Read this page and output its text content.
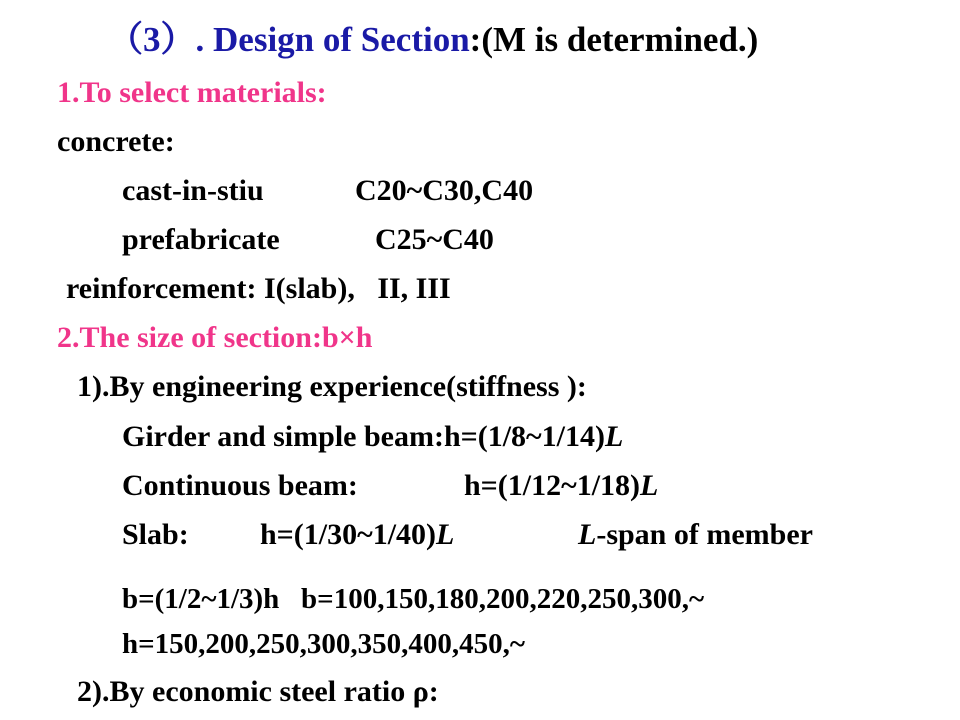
（3）. Design of Section:(M is determined.)
1.To select materials:
concrete:
cast-in-stiu	C20~C30,C40
prefabricate	C25~C40
reinforcement: I(slab),   II, III
2.The size of section:b×h
1).By engineering experience(stiffness ):
Girder and simple beam:h=(1/8~1/14)L
Continuous beam:	h=(1/12~1/18)L
Slab: h=(1/30~1/40)L	L-span of member
b=(1/2~1/3)h   b=100,150,180,200,220,250,300,~
h=150,200,250,300,350,400,450,~
2).By economic steel ratio ρ:
